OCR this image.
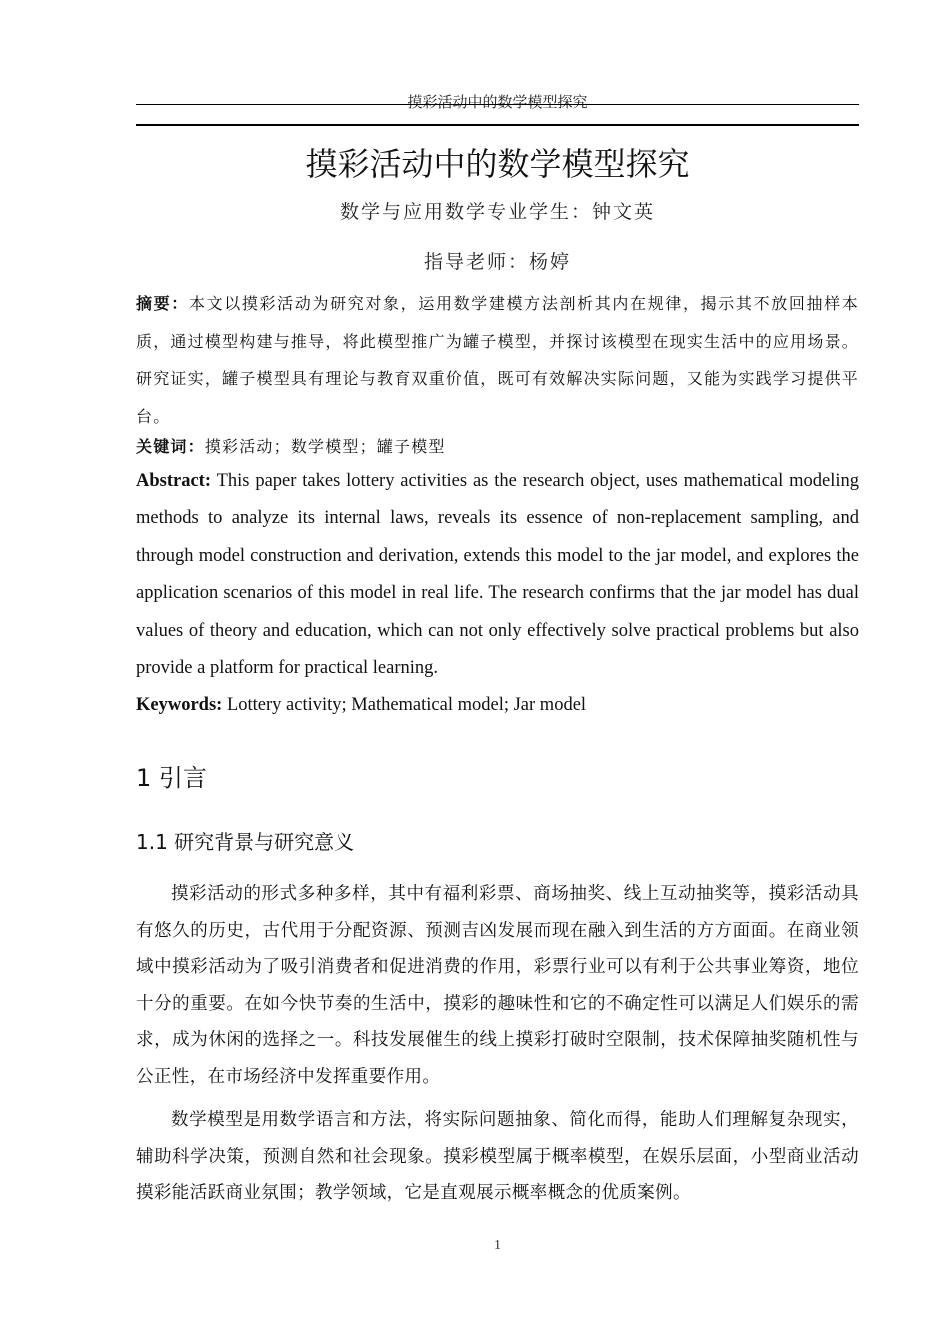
摸彩活动中的数学模型探究
摸彩活动中的数学模型探究
数学与应用数学专业学生：钟文英
指导老师：杨婷

摘要：本文以摸彩活动为研究对象，运用数学建模方法剖析其内在规律，揭示其不放回抽样本质，通过模型构建与推导，将此模型推广为罐子模型，并探讨该模型在现实生活中的应用场景。研究证实，罐子模型具有理论与教育双重价值，既可有效解决实际问题，又能为实践学习提供平台。

关键词：摸彩活动；数学模型；罐子模型

Abstract: This paper takes lottery activities as the research object, uses mathematical modeling methods to analyze its internal laws, reveals its essence of non-replacement sampling, and through model construction and derivation, extends this model to the jar model, and explores the application scenarios of this model in real life. The research confirms that the jar model has dual values of theory and education, which can not only effectively solve practical problems but also provide a platform for practical learning.

Keywords: Lottery activity; Mathematical model; Jar model

1 引言
1.1 研究背景与研究意义

摸彩活动的形式多种多样，其中有福利彩票、商场抽奖、线上互动抽奖等，摸彩活动具有悠久的历史，古代用于分配资源、预测吉凶发展而现在融入到生活的方方面面。在商业领域中摸彩活动为了吸引消费者和促进消费的作用，彩票行业可以有利于公共事业筹资，地位十分的重要。在如今快节奏的生活中，摸彩的趣味性和它的不确定性可以满足人们娱乐的需求，成为休闲的选择之一。科技发展催生的线上摸彩打破时空限制，技术保障抽奖随机性与公正性，在市场经济中发挥重要作用。

数学模型是用数学语言和方法，将实际问题抽象、简化而得，能助人们理解复杂现实，辅助科学决策，预测自然和社会现象。摸彩模型属于概率模型，在娱乐层面，小型商业活动摸彩能活跃商业氛围；教学领域，它是直观展示概率概念的优质案例。

1
